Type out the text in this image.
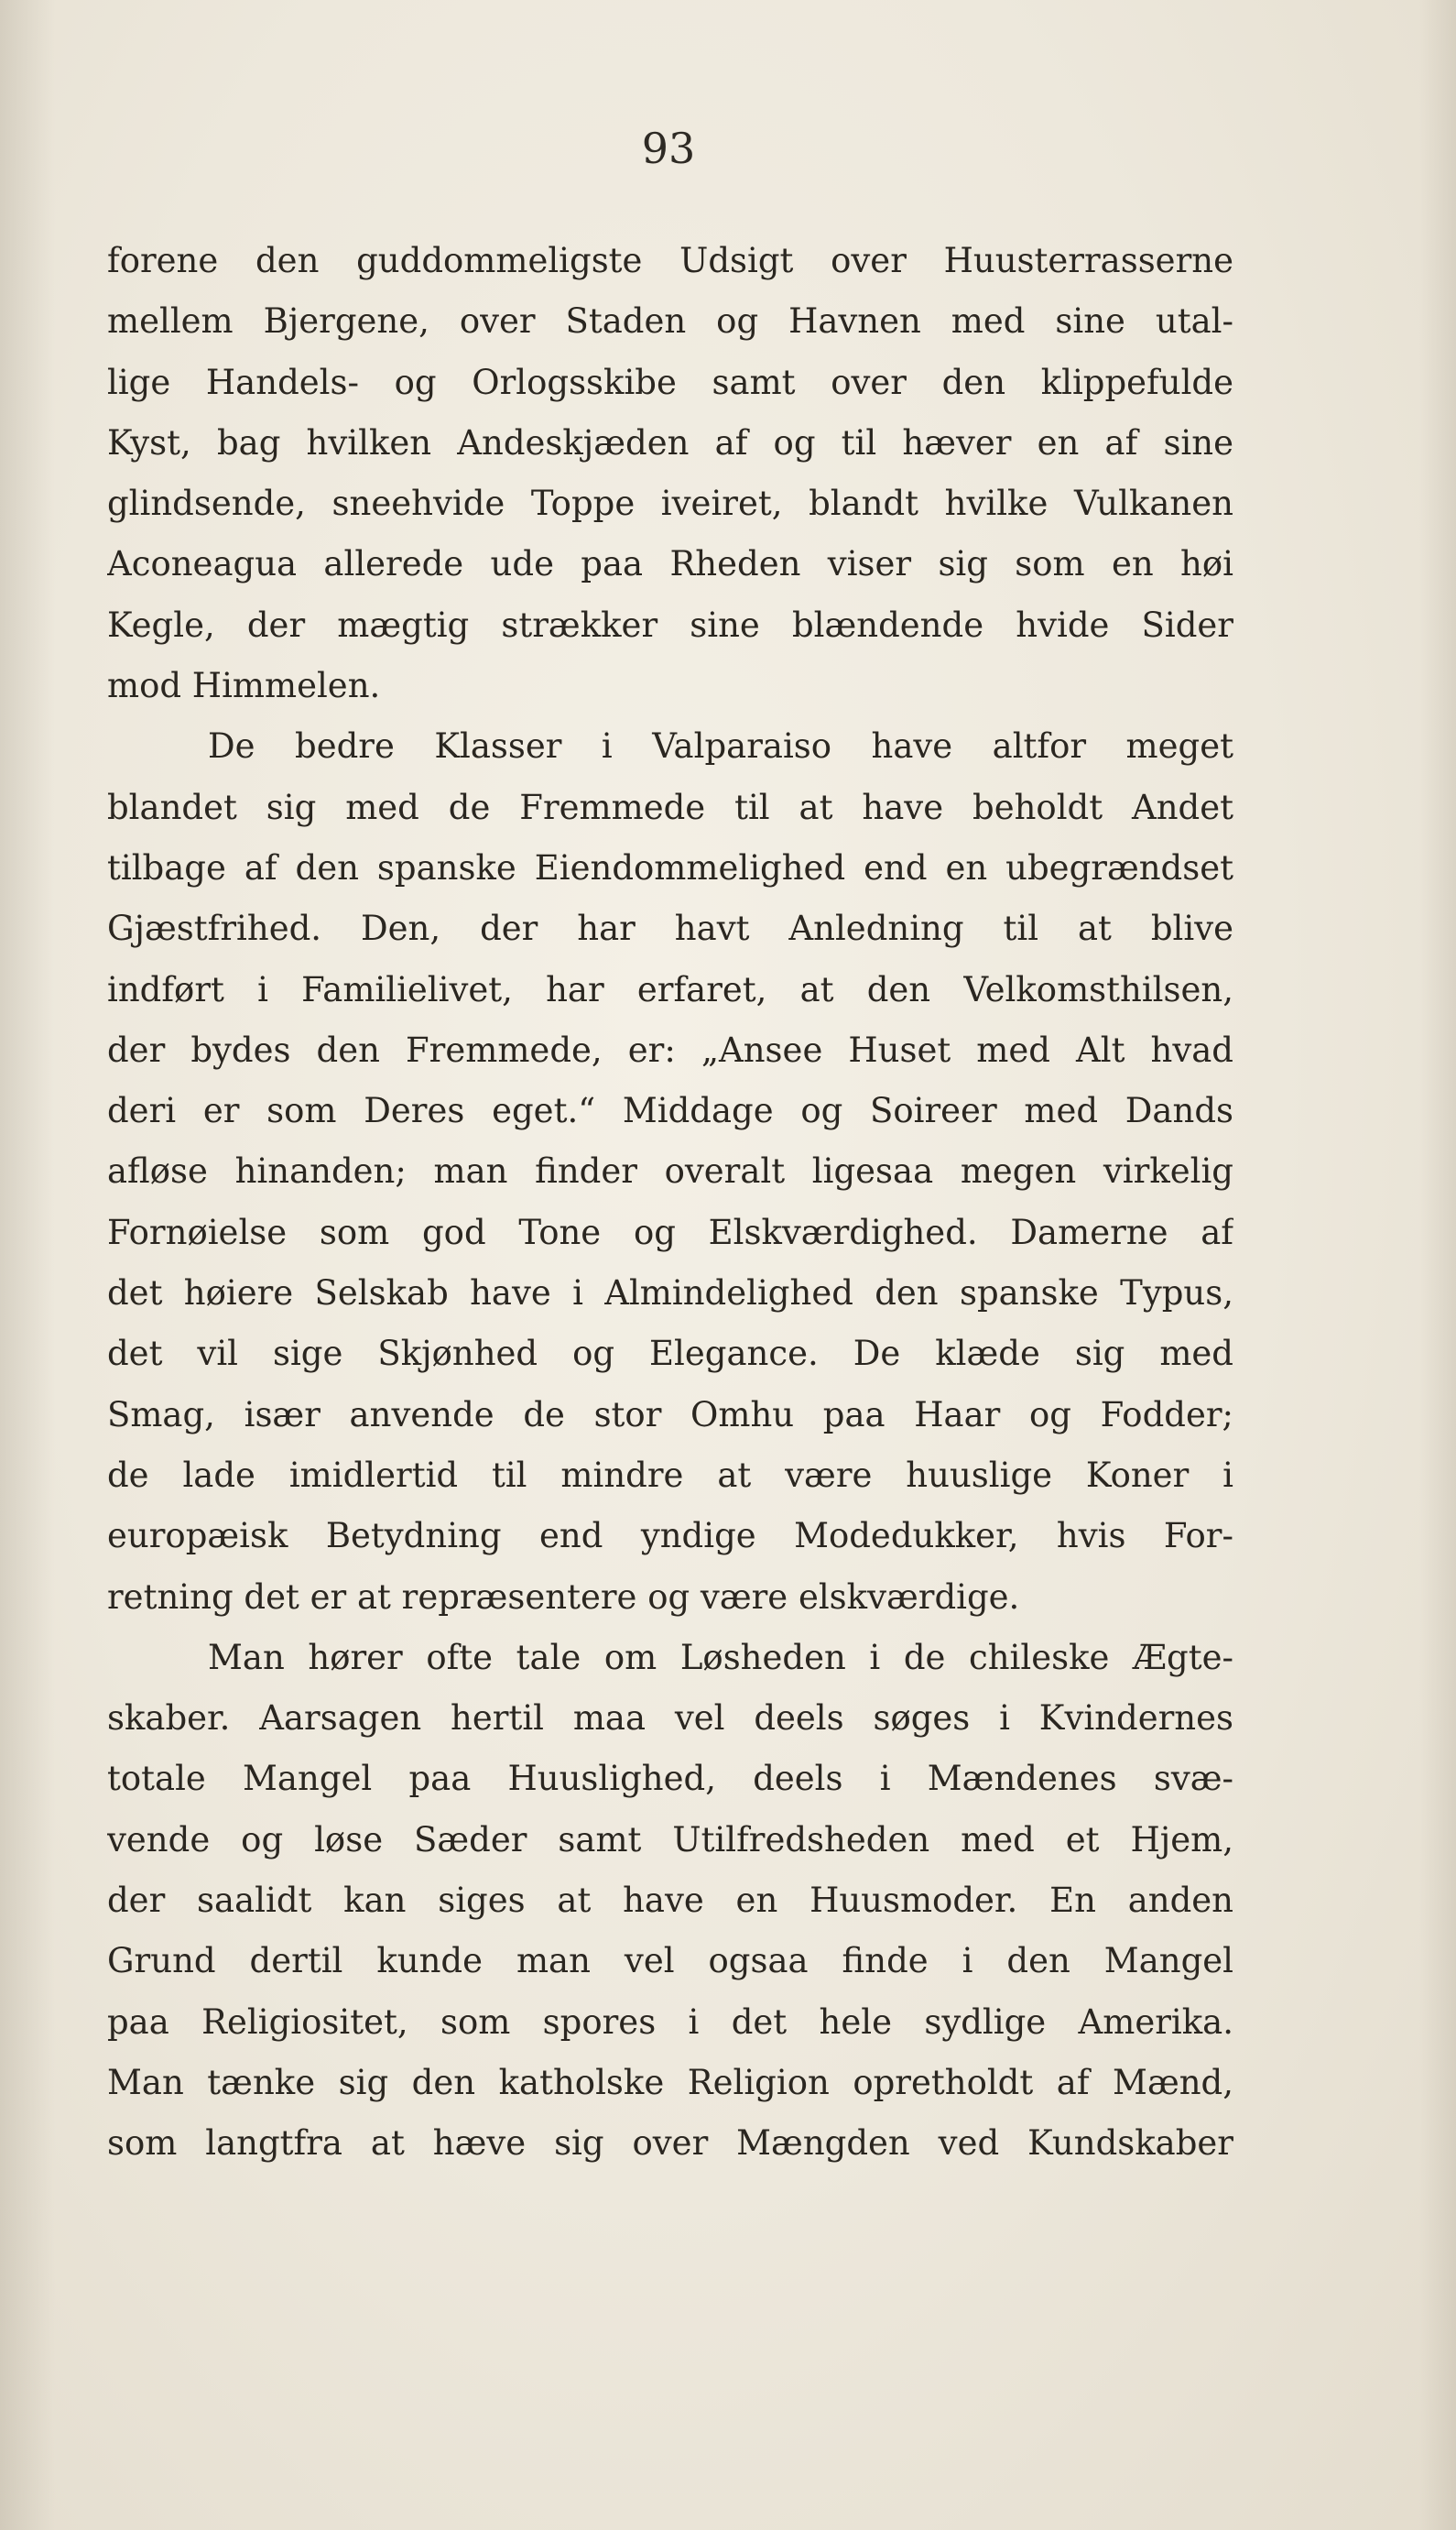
93
forene den guddommeligste Udsigt over Huusterrasserne
mellem Bjergene, over Staden og Havnen med sine utal-
lige Handels- og Orlogsskibe samt over den klippefulde
Kyst, bag hvilken Andeskjæden af og til hæver en af sine
glindsende, sneehvide Toppe iveiret, blandt hvilke Vulkanen
Aconeagua allerede ude paa Rheden viser sig som en høi
Kegle, der mægtig strækker sine blændende hvide Sider
mod Himmelen.
De bedre Klasser i Valparaiso have altfor meget
blandet sig med de Fremmede til at have beholdt Andet
tilbage af den spanske Eiendommelighed end en ubegrændset
Gjæstfrihed. Den, der har havt Anledning til at blive
indført i Familielivet, har erfaret, at den Velkomsthilsen,
der bydes den Fremmede, er: „Ansee Huset med Alt hvad
deri er som Deres eget.“ Middage og Soireer med Dands
afløse hinanden; man finder overalt ligesaa megen virkelig
Fornøielse som god Tone og Elskværdighed. Damerne af
det høiere Selskab have i Almindelighed den spanske Typus,
det vil sige Skjønhed og Elegance. De klæde sig med
Smag, især anvende de stor Omhu paa Haar og Fodder;
de lade imidlertid til mindre at være huuslige Koner i
europæisk Betydning end yndige Modedukker, hvis For-
retning det er at repræsentere og være elskværdige.
Man hører ofte tale om Løsheden i de chileske Ægte-
skaber. Aarsagen hertil maa vel deels søges i Kvindernes
totale Mangel paa Huuslighed, deels i Mændenes svæ-
vende og løse Sæder samt Utilfredsheden med et Hjem,
der saalidt kan siges at have en Huusmoder. En anden
Grund dertil kunde man vel ogsaa finde i den Mangel
paa Religiositet, som spores i det hele sydlige Amerika.
Man tænke sig den katholske Religion opretholdt af Mænd,
som langtfra at hæve sig over Mængden ved Kundskaber
